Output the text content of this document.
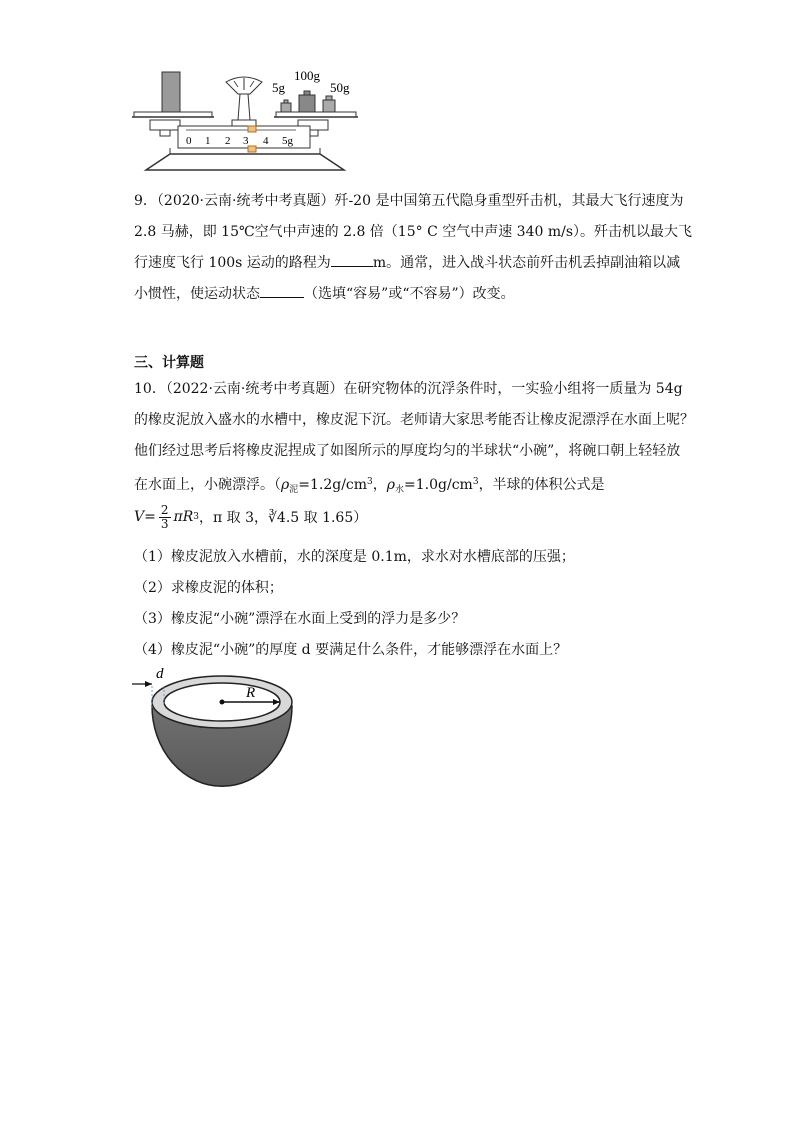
5g
100g
50g
0 1 2 3 4 5g

9．（2020·云南·统考中考真题）歼-20 是中国第五代隐身重型歼击机，其最大飞行速度为 2.8 马赫，即 15℃空气中声速的 2.8 倍（15° C 空气中声速 340 m/s）。歼击机以最大飞行速度飞行 100s 运动的路程为	m。通常，进入战斗状态前歼击机丢掉副油箱以减小惯性，使运动状态	（选填“容易”或“不容易”）改变。

三、计算题

10．（2022·云南·统考中考真题）在研究物体的沉浮条件时，一实验小组将一质量为 54g 的橡皮泥放入盛水的水槽中，橡皮泥下沉。老师请大家思考能否让橡皮泥漂浮在水面上呢？他们经过思考后将橡皮泥捏成了如图所示的厚度均匀的半球状“小碗”，将碗口朝上轻轻放在水面上，小碗漂浮。（$\rho_泥=1.2g/cm^3$，$\rho_水=1.0g/cm^3$，半球的体积公式是

$V = \frac{2}{3}$ πR 3 ，π 取 3，∛4.5 取 1.65）

（1）橡皮泥放入水槽前，水的深度是 0.1m，求水对水槽底部的压强；

（2）求橡皮泥的体积；

（3）橡皮泥“小碗”漂浮在水面上受到的浮力是多少？

（4）橡皮泥“小碗”的厚度 d 要满足什么条件，才能够漂浮在水面上？

R
d
